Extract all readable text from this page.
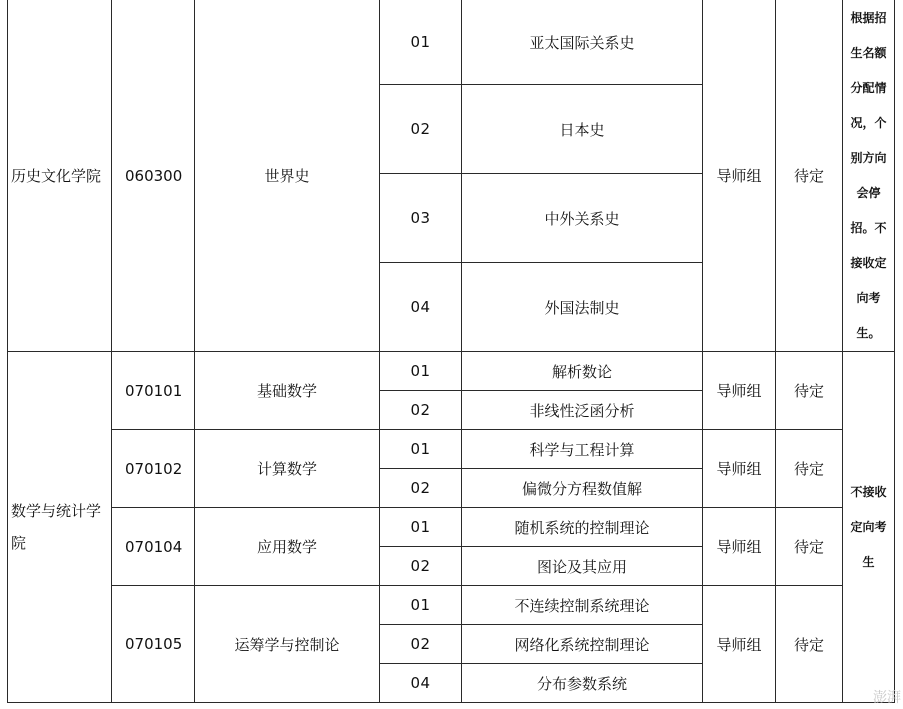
历史文化学院	060300	世界史	01	亚太国际关系史	导师组	待定	根据招生名额分配情况，个别方向会停招。不接收定向考生。
			02	日本史			
			03	中外关系史			
			04	外国法制史			
数学与统计学院	070101	基础数学	01	解析数论	导师组	待定	不接收定向考生
			02	非线性泛函分析			
	070102	计算数学	01	科学与工程计算	导师组	待定	
			02	偏微分方程数值解			
	070104	应用数学	01	随机系统的控制理论	导师组	待定	
			02	图论及其应用			
	070105	运筹学与控制论	01	不连续控制系统理论	导师组	待定	
			02	网络化系统控制理论			
			04	分布参数系统			
澎湃
